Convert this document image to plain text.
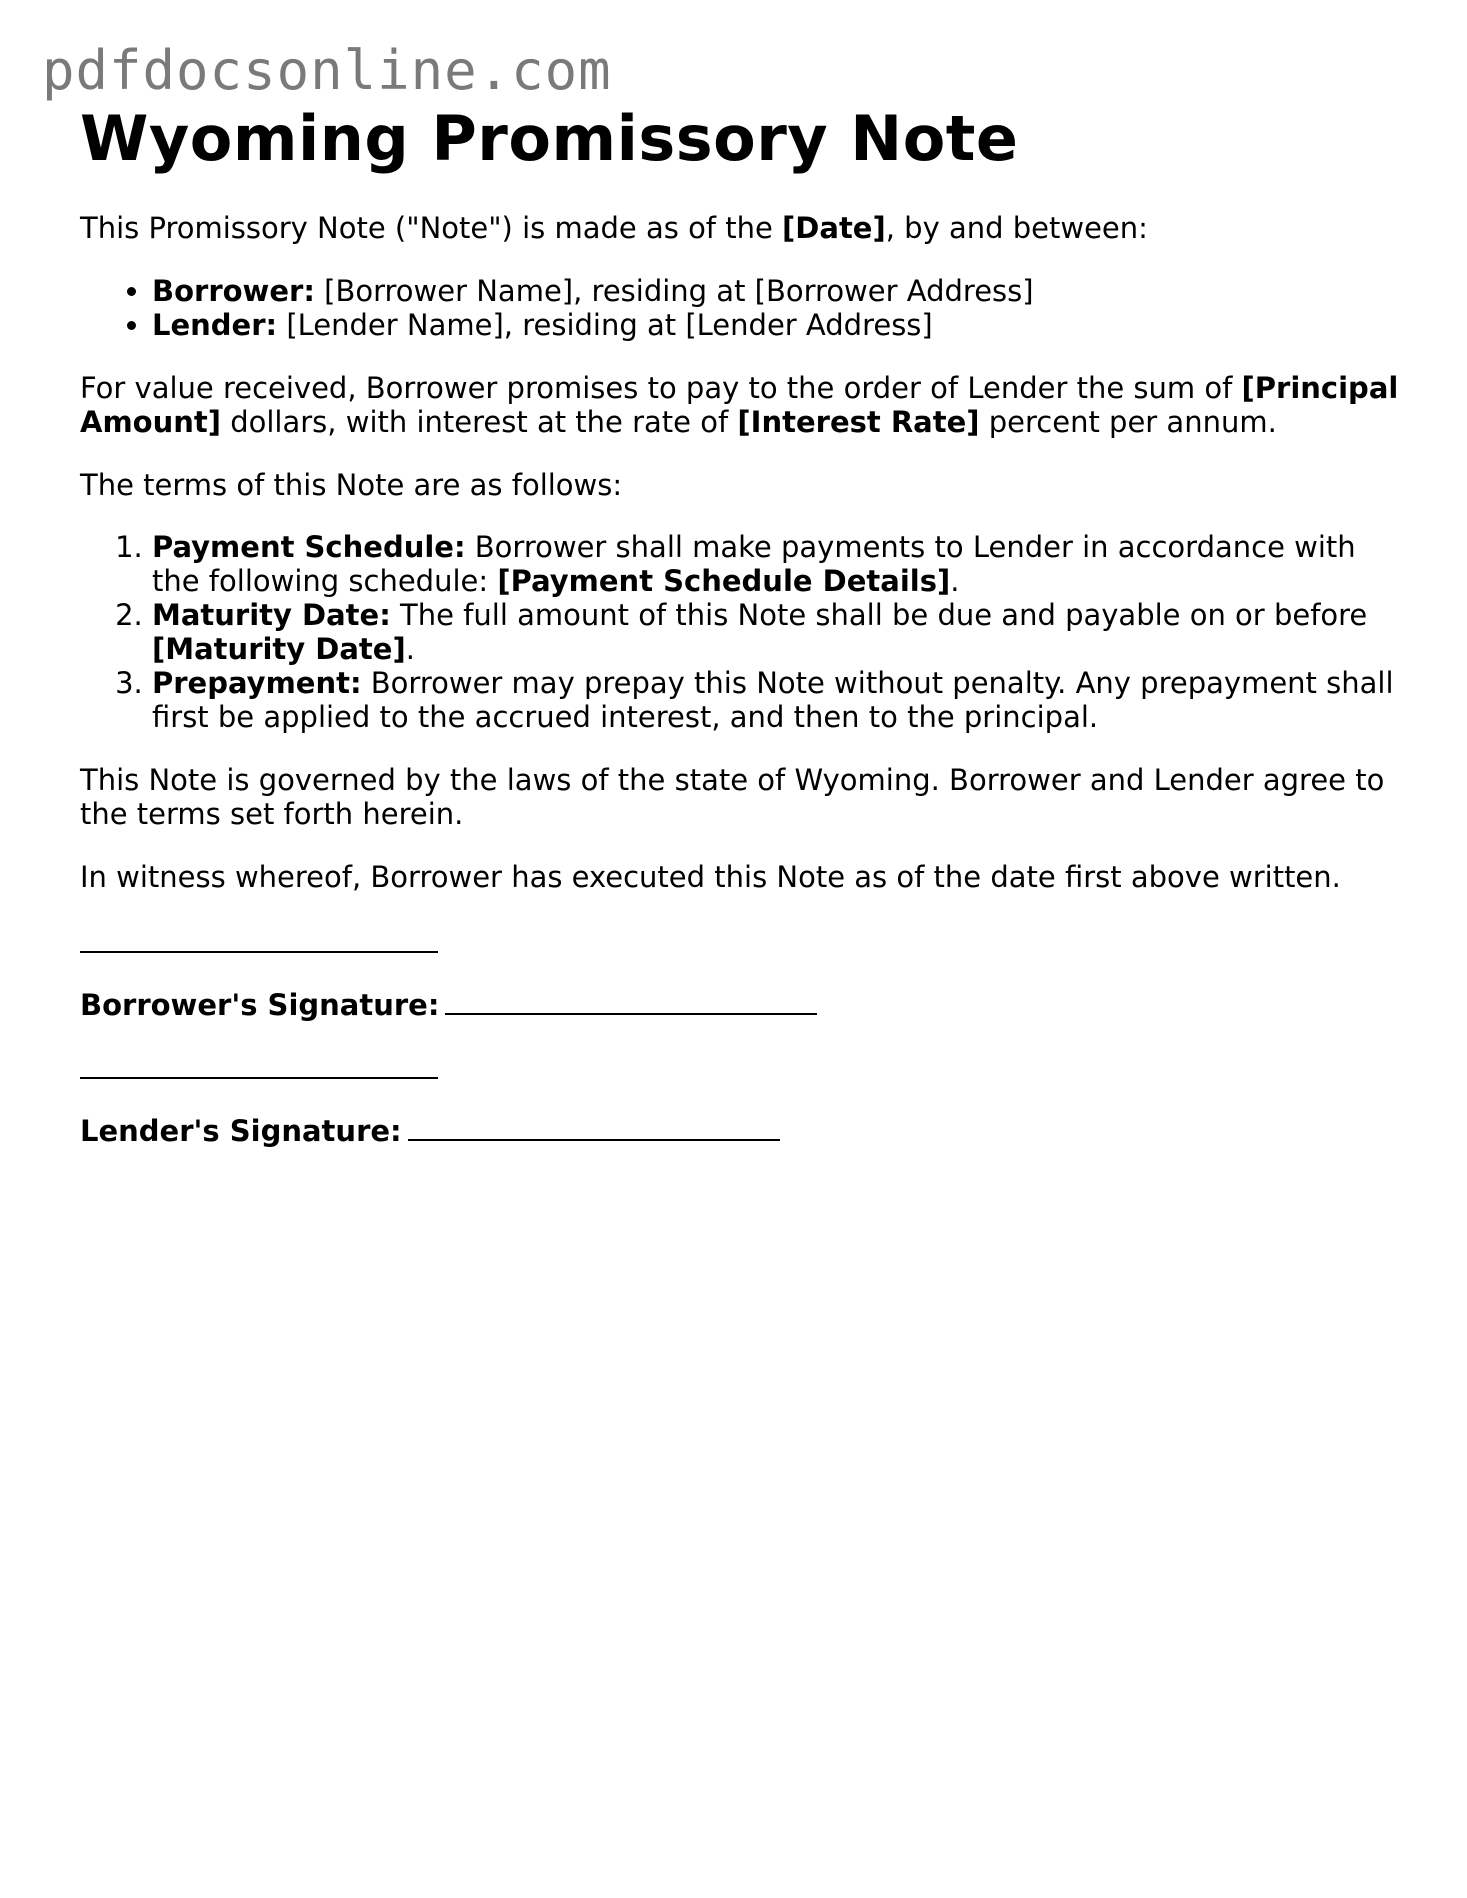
pdfdocsonline.com
Wyoming Promissory Note

This Promissory Note ("Note") is made as of the [Date], by and between:

• Borrower: [Borrower Name], residing at [Borrower Address]
• Lender: [Lender Name], residing at [Lender Address]

For value received, Borrower promises to pay to the order of Lender the sum of [Principal Amount] dollars, with interest at the rate of [Interest Rate] percent per annum.

The terms of this Note are as follows:

1. Payment Schedule: Borrower shall make payments to Lender in accordance with the following schedule: [Payment Schedule Details].
2. Maturity Date: The full amount of this Note shall be due and payable on or before [Maturity Date].
3. Prepayment: Borrower may prepay this Note without penalty. Any prepayment shall first be applied to the accrued interest, and then to the principal.

This Note is governed by the laws of the state of Wyoming. Borrower and Lender agree to the terms set forth herein.

In witness whereof, Borrower has executed this Note as of the date first above written.

Borrower's Signature:
Lender's Signature:
